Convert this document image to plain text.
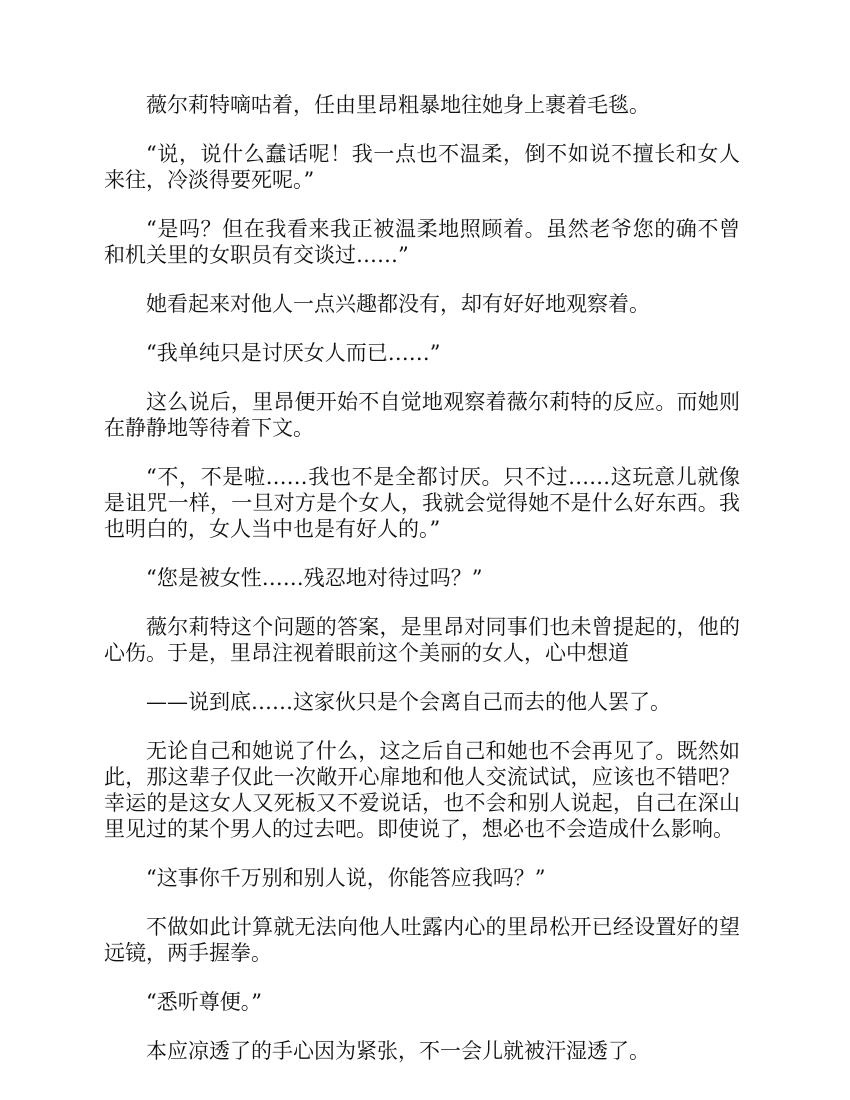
薇尔莉特嘀咕着，任由里昂粗暴地往她身上裹着毛毯。

“说，说什么蠢话呢！我一点也不温柔，倒不如说不擅长和女人来往，冷淡得要死呢。”

“是吗？但在我看来我正被温柔地照顾着。虽然老爷您的确不曾和机关里的女职员有交谈过……”

她看起来对他人一点兴趣都没有，却有好好地观察着。

“我单纯只是讨厌女人而已……”

这么说后，里昂便开始不自觉地观察着薇尔莉特的反应。而她则在静静地等待着下文。

“不，不是啦……我也不是全都讨厌。只不过……这玩意儿就像是诅咒一样，一旦对方是个女人，我就会觉得她不是什么好东西。我也明白的，女人当中也是有好人的。”

“您是被女性……残忍地对待过吗？”

薇尔莉特这个问题的答案，是里昂对同事们也未曾提起的，他的心伤。于是，里昂注视着眼前这个美丽的女人，心中想道

——说到底……这家伙只是个会离自己而去的他人罢了。

无论自己和她说了什么，这之后自己和她也不会再见了。既然如此，那这辈子仅此一次敞开心扉地和他人交流试试，应该也不错吧？幸运的是这女人又死板又不爱说话，也不会和别人说起，自己在深山里见过的某个男人的过去吧。即使说了，想必也不会造成什么影响。

“这事你千万别和别人说，你能答应我吗？”

不做如此计算就无法向他人吐露内心的里昂松开已经设置好的望远镜，两手握拳。

“悉听尊便。”

本应凉透了的手心因为紧张，不一会儿就被汗湿透了。
